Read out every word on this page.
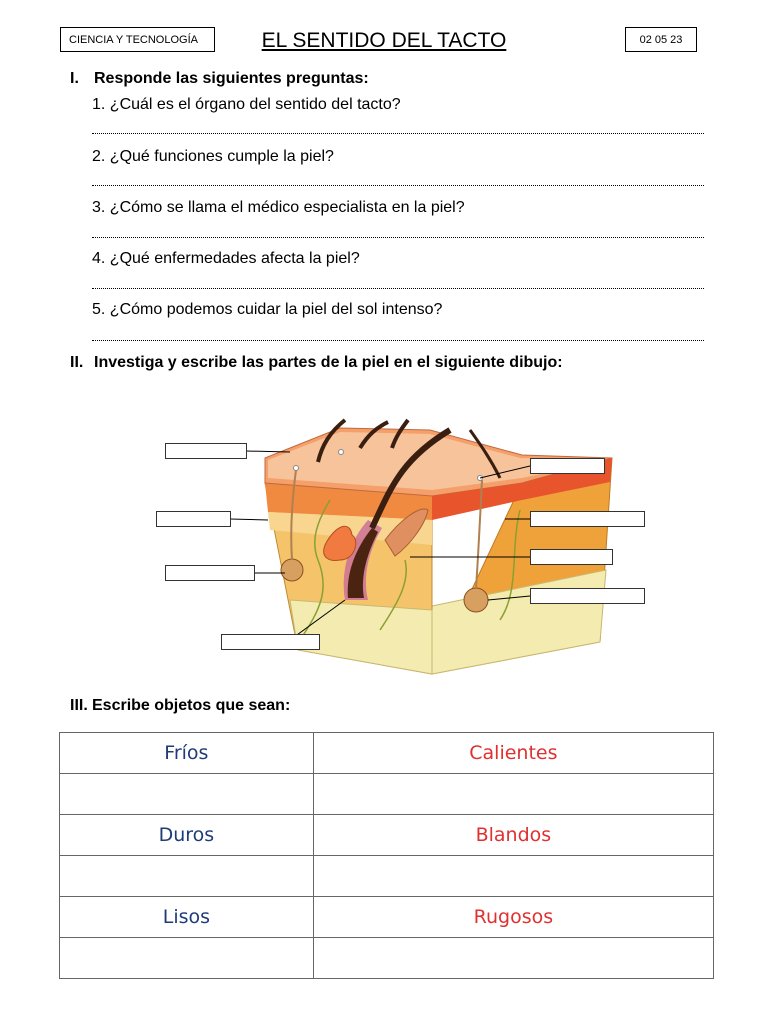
CIENCIA Y TECNOLOGÍA	EL SENTIDO DEL TACTO	02 05 23
I. Responde las siguientes preguntas:
1. ¿Cuál es el órgano del sentido del tacto?
2. ¿Qué funciones cumple la piel?
3. ¿Cómo se llama el médico especialista en la piel?
4. ¿Qué enfermedades afecta la piel?
5. ¿Cómo podemos cuidar la piel del sol intenso?
II. Investiga y escribe las partes de la piel en el siguiente dibujo:
III. Escribe objetos que sean:
Fríos	Calientes

Duros	Blandos

Lisos	Rugosos
